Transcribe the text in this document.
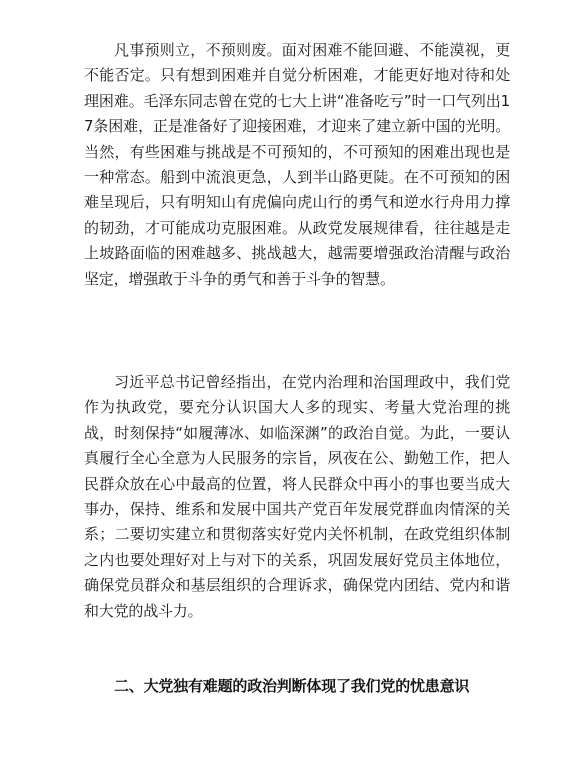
凡事预则立，不预则废。面对困难不能回避、不能漠视，更不能否定。只有想到困难并自觉分析困难，才能更好地对待和处理困难。毛泽东同志曾在党的七大上讲“准备吃亏”时一口气列出17条困难，正是准备好了迎接困难，才迎来了建立新中国的光明。当然，有些困难与挑战是不可预知的，不可预知的困难出现也是一种常态。船到中流浪更急，人到半山路更陡。在不可预知的困难呈现后，只有明知山有虎偏向虎山行的勇气和逆水行舟用力撑的韧劲，才可能成功克服困难。从政党发展规律看，往往越是走上坡路面临的困难越多、挑战越大，越需要增强政治清醒与政治坚定，增强敢于斗争的勇气和善于斗争的智慧。

习近平总书记曾经指出，在党内治理和治国理政中，我们党作为执政党，要充分认识国大人多的现实、考量大党治理的挑战，时刻保持“如履薄冰、如临深渊”的政治自觉。为此，一要认真履行全心全意为人民服务的宗旨，夙夜在公、勤勉工作，把人民群众放在心中最高的位置，将人民群众中再小的事也要当成大事办，保持、维系和发展中国共产党百年发展党群血肉情深的关系；二要切实建立和贯彻落实好党内关怀机制，在政党组织体制之内也要处理好对上与对下的关系，巩固发展好党员主体地位，确保党员群众和基层组织的合理诉求，确保党内团结、党内和谐和大党的战斗力。

二、大党独有难题的政治判断体现了我们党的忧患意识
